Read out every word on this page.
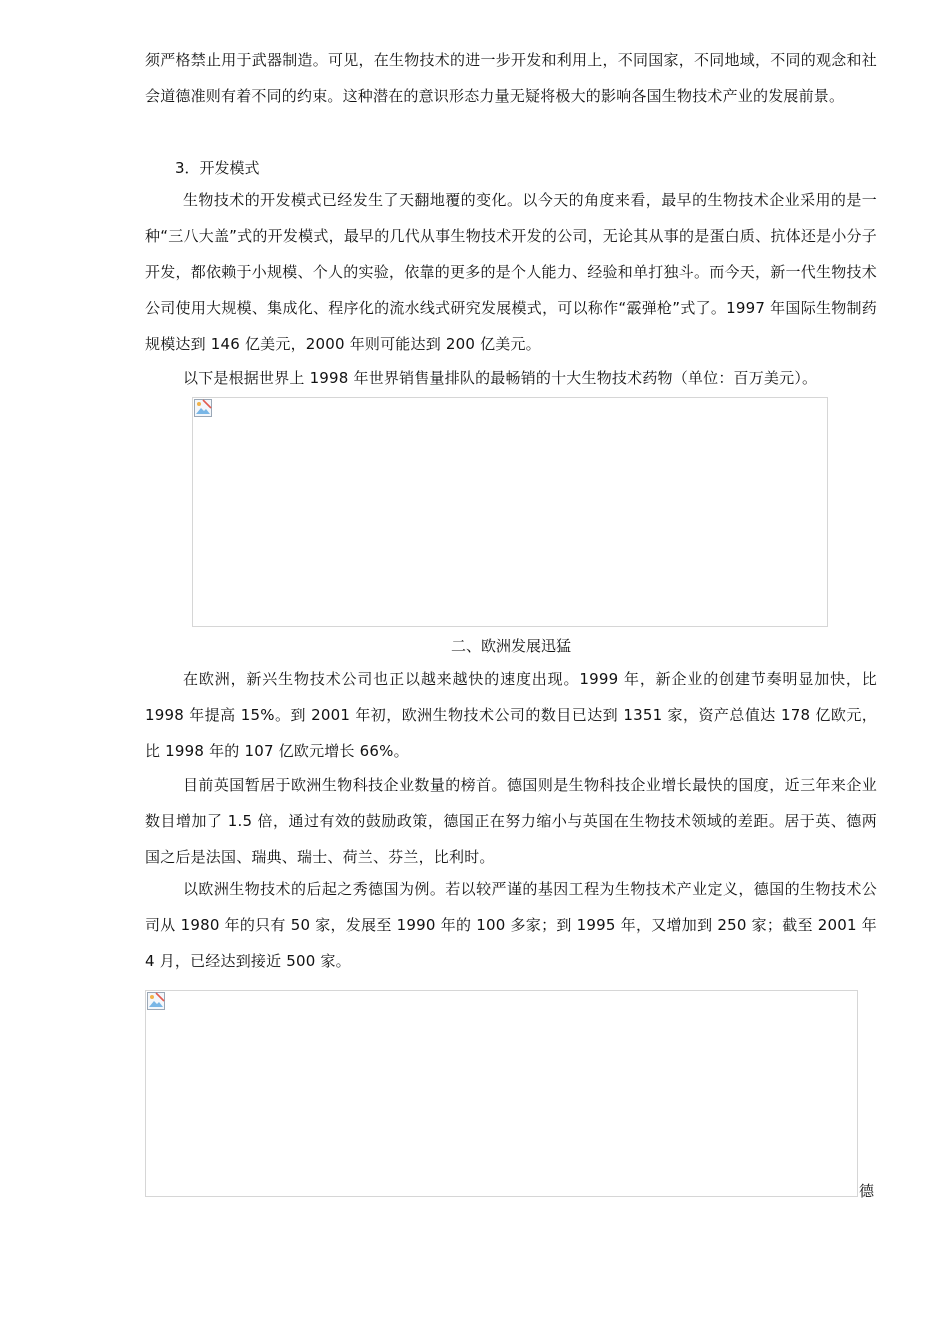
须严格禁止用于武器制造。可见，在生物技术的进一步开发和利用上，不同国家，不同地域，不同的观念和社会道德准则有着不同的约束。这种潜在的意识形态力量无疑将极大的影响各国生物技术产业的发展前景。
3．开发模式
生物技术的开发模式已经发生了天翻地覆的变化。以今天的角度来看，最早的生物技术企业采用的是一种“三八大盖”式的开发模式，最早的几代从事生物技术开发的公司，无论其从事的是蛋白质、抗体还是小分子开发，都依赖于小规模、个人的实验，依靠的更多的是个人能力、经验和单打独斗。而今天，新一代生物技术公司使用大规模、集成化、程序化的流水线式研究发展模式，可以称作“霰弹枪”式了。1997 年国际生物制药规模达到 146 亿美元，2000 年则可能达到 200 亿美元。
以下是根据世界上 1998 年世界销售量排队的最畅销的十大生物技术药物（单位：百万美元）。
二、欧洲发展迅猛
在欧洲，新兴生物技术公司也正以越来越快的速度出现。1999 年，新企业的创建节奏明显加快，比 1998 年提高 15%。到 2001 年初，欧洲生物技术公司的数目已达到 1351 家，资产总值达 178 亿欧元，比 1998 年的 107 亿欧元增长 66%。
目前英国暂居于欧洲生物科技企业数量的榜首。德国则是生物科技企业增长最快的国度，近三年来企业数目增加了 1.5 倍，通过有效的鼓励政策，德国正在努力缩小与英国在生物技术领域的差距。居于英、德两国之后是法国、瑞典、瑞士、荷兰、芬兰，比利时。
以欧洲生物技术的后起之秀德国为例。若以较严谨的基因工程为生物技术产业定义，德国的生物技术公司从 1980 年的只有 50 家，发展至 1990 年的 100 多家；到 1995 年，又增加到 250 家；截至 2001 年 4 月，已经达到接近 500 家。
德
